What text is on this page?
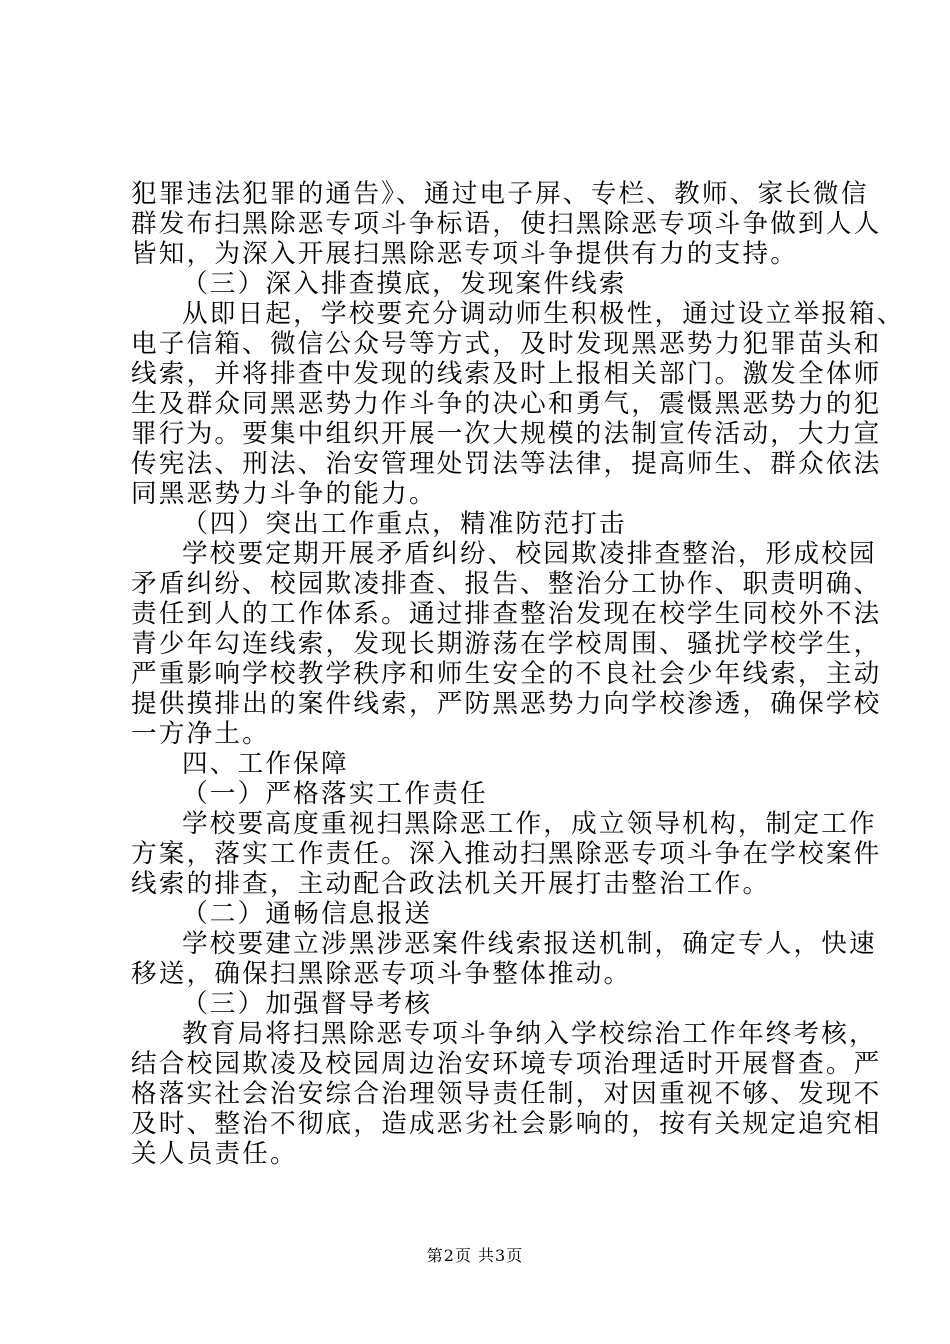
犯罪违法犯罪的通告》、通过电子屏、专栏、教师、家长微信
群发布扫黑除恶专项斗争标语，使扫黑除恶专项斗争做到人人
皆知，为深入开展扫黑除恶专项斗争提供有力的支持。
（三）深入排查摸底，发现案件线索
从即日起，学校要充分调动师生积极性，通过设立举报箱、
电子信箱、微信公众号等方式，及时发现黑恶势力犯罪苗头和
线索，并将排查中发现的线索及时上报相关部门。激发全体师
生及群众同黑恶势力作斗争的决心和勇气，震慑黑恶势力的犯
罪行为。要集中组织开展一次大规模的法制宣传活动，大力宣
传宪法、刑法、治安管理处罚法等法律，提高师生、群众依法
同黑恶势力斗争的能力。
（四）突出工作重点，精准防范打击
学校要定期开展矛盾纠纷、校园欺凌排查整治，形成校园
矛盾纠纷、校园欺凌排查、报告、整治分工协作、职责明确、
责任到人的工作体系。通过排查整治发现在校学生同校外不法
青少年勾连线索，发现长期游荡在学校周围、骚扰学校学生，
严重影响学校教学秩序和师生安全的不良社会少年线索，主动
提供摸排出的案件线索，严防黑恶势力向学校渗透，确保学校
一方净土。
四、工作保障
（一）严格落实工作责任
学校要高度重视扫黑除恶工作，成立领导机构，制定工作
方案，落实工作责任。深入推动扫黑除恶专项斗争在学校案件
线索的排查，主动配合政法机关开展打击整治工作。
（二）通畅信息报送
学校要建立涉黑涉恶案件线索报送机制，确定专人，快速
移送，确保扫黑除恶专项斗争整体推动。
（三）加强督导考核
教育局将扫黑除恶专项斗争纳入学校综治工作年终考核，
结合校园欺凌及校园周边治安环境专项治理适时开展督查。严
格落实社会治安综合治理领导责任制，对因重视不够、发现不
及时、整治不彻底，造成恶劣社会影响的，按有关规定追究相
关人员责任。
第2页 共3页
